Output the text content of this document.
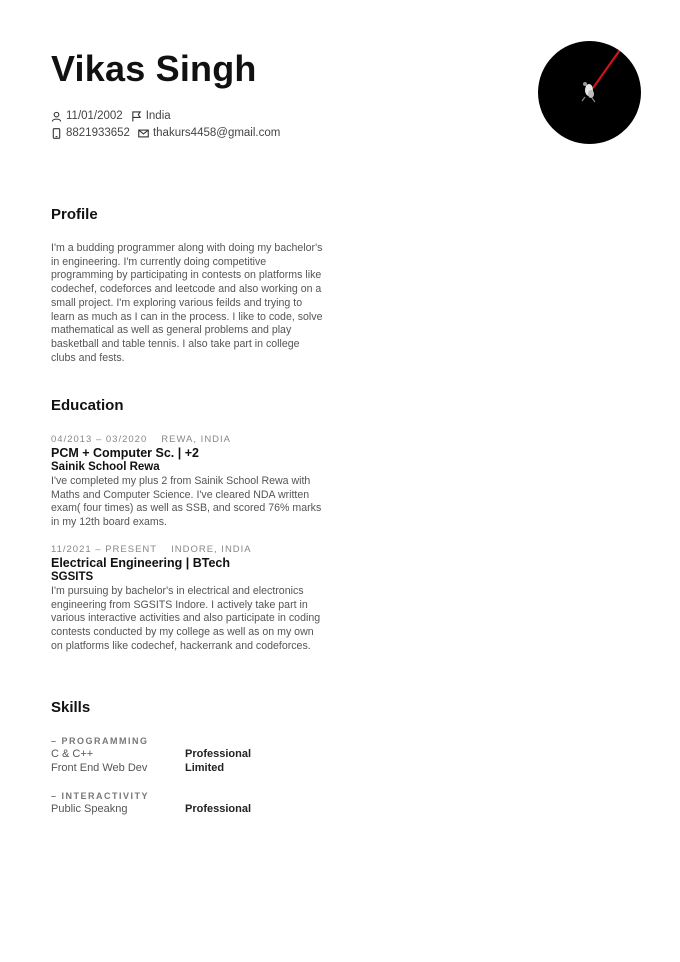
Vikas Singh
11/01/2002 India
8821933652 thakurs4458@gmail.com
Profile
I'm a budding programmer along with doing my bachelor's in engineering. I'm currently doing competitive programming by participating in contests on platforms like codechef, codeforces and leetcode and also working on a small project. I'm exploring various feilds and trying to learn as much as I can in the process. I like to code, solve mathematical as well as general problems and play basketball and table tennis. I also take part in college clubs and fests.
Education
04/2013 – 03/2020 REWA, INDIA
PCM + Computer Sc. | +2
Sainik School Rewa
I've completed my plus 2 from Sainik School Rewa with Maths and Computer Science. I've cleared NDA written exam( four times) as well as SSB, and scored 76% marks in my 12th board exams.
11/2021 – PRESENT INDORE, INDIA
Electrical Engineering | BTech
SGSITS
I'm pursuing by bachelor's in electrical and electronics engineering from SGSITS Indore. I actively take part in various interactive activities and also participate in coding contests conducted by my college as well as on my own on platforms like codechef, hackerrank and codeforces.
Skills
– PROGRAMMING
C & C++	Professional
Front End Web Dev	Limited
– INTERACTIVITY
Public Speakng	Professional
